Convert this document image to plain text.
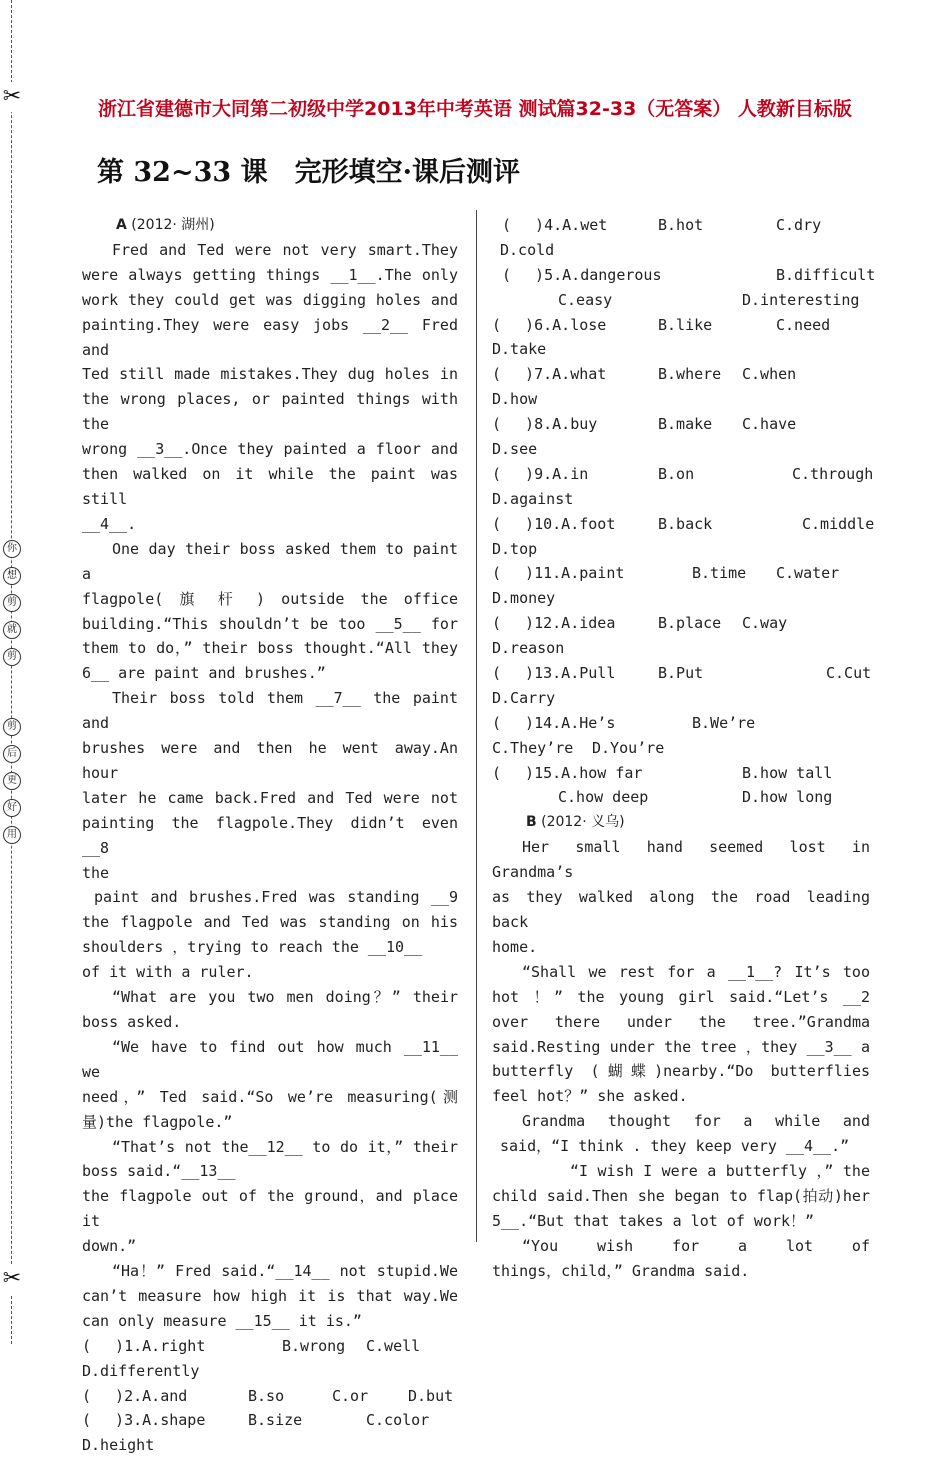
✂
✂
你
想
剪
就
剪
剪
后
更
好
用
浙江省建德市大同第二初级中学2013年中考英语 测试篇32-33（无答案） 人教新目标版
第 32~33 课　完形填空·课后测评

A (2012· 湖州)

Fred and Ted were not very smart.They

were always getting things __1__.The only

work they could get was digging holes and

painting.They were easy jobs __2__ Fred and

Ted still made mistakes.They dug holes in

the wrong places, or painted things with the

wrong __3__.Once they painted a floor and

then walked on it while the paint was still

__4__.

One day their boss asked them to paint a

flagpole( 旗 杆 ) outside the office

building.“This shouldn’t be too __5__ for

them to do，” their boss thought.“All they

6__ are paint and brushes.”

Their boss told them __7__ the paint and

brushes were and then he went away.An hour

later he came back.Fred and Ted were not

painting the flagpole.They didn’t even __8

the

paint and brushes.Fred was standing __9

the flagpole and Ted was standing on his

shoulders ，trying to reach the __10__

of it with a ruler.

“What are you two men doing？” their

boss asked.

“We have to find out how much __11__ we

need，” Ted said.“So we’re measuring(测

量)the flagpole.”

“That’s not the__12__ to do it，” their

boss said.“__13__

the flagpole out of the ground，and place it

down.”

“Ha！” Fred said.“__14__ not stupid.We

can’t measure how high it is that way.We

can only measure __15__ it is.”

(　 )1.A.right	B.wrong C.well
D.differently
(　 )2.A.and	B.so	C.or	D.but
(　 )3.A.shape	B.size	C.color
D.height
(　 )4.A.wet	B.hot	C.dry
D.cold
(　 )5.A.dangerous	B.difficult
C.easy	D.interesting
(　 )6.A.lose	B.like	C.need
D.take
(　 )7.A.what	B.where C.when
D.how
(　 )8.A.buy	B.make C.have
D.see
(　 )9.A.in	B.on	C.through
D.against
(　 )10.A.foot	B.back	C.middle
D.top
(　 )11.A.paint	B.time C.water
D.money
(　 )12.A.idea	B.place C.way
D.reason
(　 )13.A.Pull	B.Put	C.Cut
D.Carry
(　 )14.A.He’s	B.We’re
C.They’re D.You’re
(　 )15.A.how far	B.how tall
C.how deep	D.how long

B (2012· 义乌)

Her small hand seemed lost in Grandma’s

as they walked along the road leading back

home.

“Shall we rest for a __1__? It’s too

hot ！” the young girl said.“Let’s __2

over there under the tree.”Grandma

said.Resting under the tree ，they __3__ a

butterfly (蝴蝶)nearby.“Do butterflies

feel hot？” she asked.

Grandma thought for a while and

said，“I think . they keep very __4__.”

“I wish I were a butterfly ，” the

child said.Then she began to flap(拍动)her

5__.“But that takes a lot of work！”

“You wish for a lot of

things，child，” Grandma said.
